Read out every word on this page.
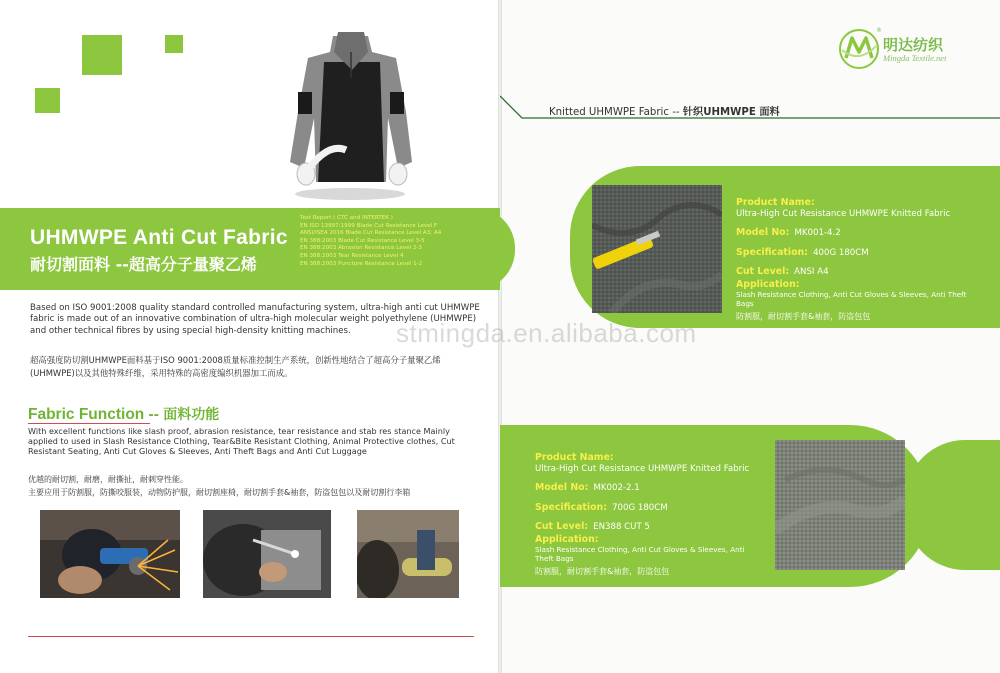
UHMWPE Anti Cut Fabric
耐切割面料 --超高分子量聚乙烯
Test Report ( CTC and INTERTEK )
EN ISO 13997:1999 Blade Cut Resistance Level F
ANSI/ISEA 2016 Blade Cut Resistance Level A3; A4
EN 388:2003 Blade Cut Resistance Level 3-5
EN 388:2003 Abrasion Resistance Level 2-3
EN 388:2003 Tear Resistance Level 4
EN 388:2003 Puncture Resistance Level 1-2
Based on ISO 9001:2008 quality standard controlled manufacturing system, ultra-high anti cut UHMWPE fabric is made out of an innovative combination of ultra-high molecular weight polyethylene (UHMWPE) and other technical fibres by using special high-density knitting machines.
超高强度防切割UHMWPE面料基于ISO 9001:2008质量标准控制生产系统，创新性地结合了超高分子量聚乙烯(UHMWPE)以及其他特殊纤维，采用特殊的高密度编织机器加工而成。
Fabric Function -- 面料功能
With excellent functions like slash proof, abrasion resistance, tear resistance and stab res stance Mainly applied to used in Slash Resistance Clothing, Tear&Bite Resistant Clothing, Animal Protective clothes, Cut Resistant Seating, Anti Cut Gloves & Sleeves, Anti Theft Bags and Anti Cut Luggage
优越的耐切割，耐磨，耐撕扯，耐刺穿性能。
主要应用于防割服，防撕咬服装，动物防护服，耐切割座椅，耐切割手套&袖套，防盗包包以及耐切割行李箱
明达纺织
®
Mingda Textile.net
Knitted UHMWPE Fabric -- 针织UHMWPE 面料
Product Name:
Ultra-High Cut Resistance UHMWPE Knitted Fabric
Model No: MK001-4.2
Specification: 400G 180CM
Cut Level: ANSI A4
Application:
Slash Resistance Clothing, Anti Cut Gloves & Sleeves, Anti Theft Bags
防割服，耐切割手套&袖套，防盗包包
Product Name:
Ultra-High Cut Resistance UHMWPE Knitted Fabric
Model No: MK002-2.1
Specification: 700G 180CM
Cut Level: EN388 CUT 5
Application:
Slash Resistance Clothing, Anti Cut Gloves & Sleeves, Anti Theft Bags
防割服，耐切割手套&袖套，防盗包包
stmingda.en.alibaba.com
